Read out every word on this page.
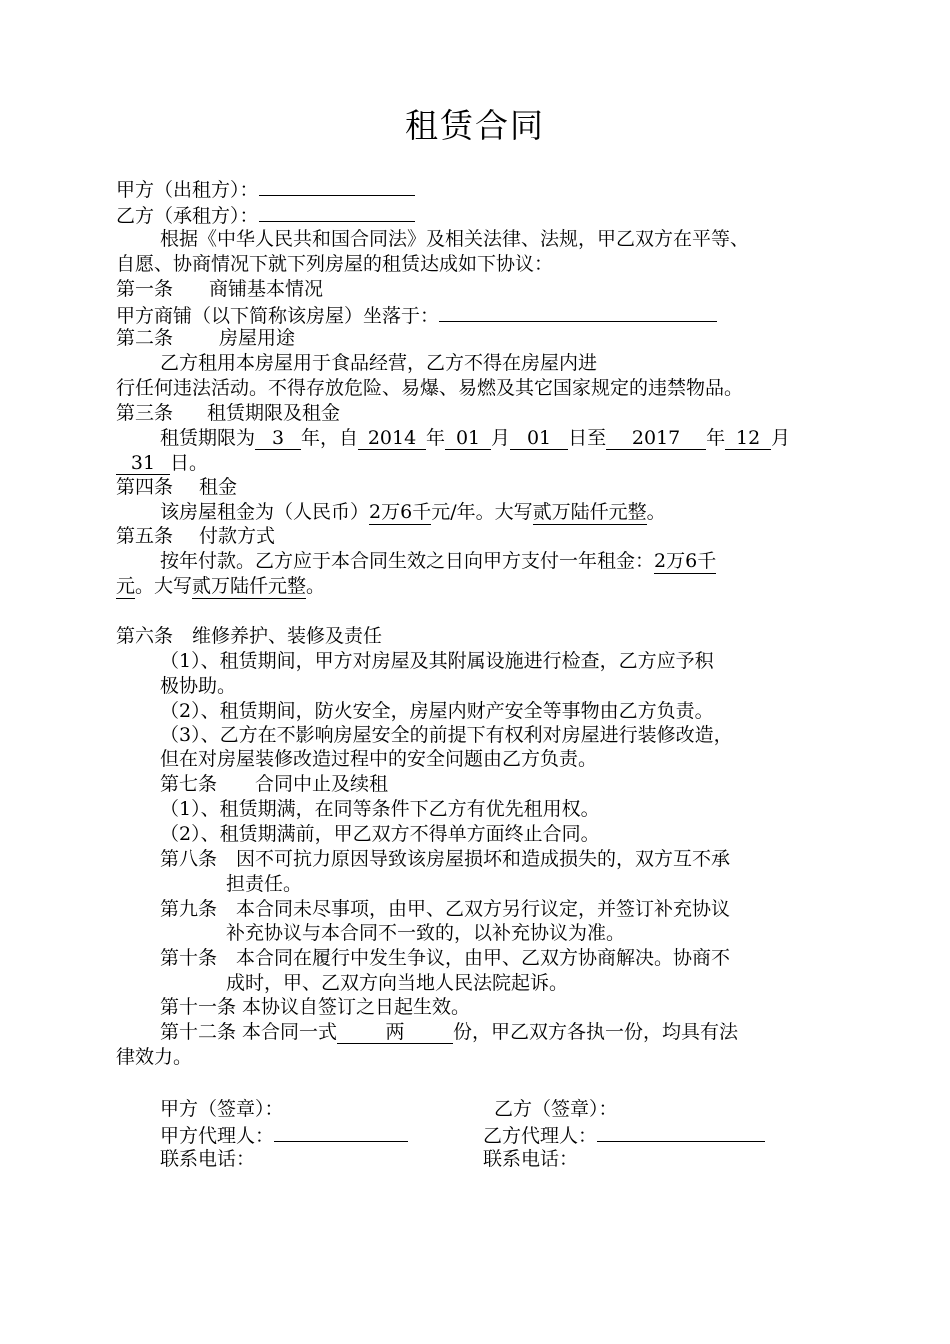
租赁合同
甲方（出租方）：
乙方（承租方）：
根据《中华人民共和国合同法》及相关法律、法规，甲乙双方在平等、
自愿、协商情况下就下列房屋的租赁达成如下协议：
第一条 商铺基本情况
甲方商铺（以下简称该房屋）坐落于：
第二条 房屋用途
乙方租用本房屋用于食品经营，乙方不得在房屋内进
行任何违法活动。不得存放危险、易爆、易燃及其它国家规定的违禁物品。
第三条 租赁期限及租金
租赁期限为 3 年，自 2014 年 01 月 01 日至 2017 年 12 月
31 日。
第四条 租金
该房屋租金为（人民币）2万6千元/年。大写贰万陆仟元整。
第五条 付款方式
按年付款。乙方应于本合同生效之日向甲方支付一年租金：2万6千
元。大写贰万陆仟元整。
第六条　维修养护、装修及责任
（1）、租赁期间，甲方对房屋及其附属设施进行检查，乙方应予积
极协助。
（2）、租赁期间，防火安全，房屋内财产安全等事物由乙方负责。
（3）、乙方在不影响房屋安全的前提下有权利对房屋进行装修改造，
但在对房屋装修改造过程中的安全问题由乙方负责。
第七条 合同中止及续租
（1）、租赁期满，在同等条件下乙方有优先租用权。
（2）、租赁期满前，甲乙双方不得单方面终止合同。
第八条　因不可抗力原因导致该房屋损坏和造成损失的，双方互不承
担责任。
第九条　本合同未尽事项，由甲、乙双方另行议定，并签订补充协议
补充协议与本合同不一致的，以补充协议为准。
第十条　本合同在履行中发生争议，由甲、乙双方协商解决。协商不
成时，甲、乙双方向当地人民法院起诉。
第十一条 本协议自签订之日起生效。
第十二条 本合同一式	两	份，甲乙双方各执一份，均具有法
律效力。
甲方（签章）：	乙方（签章）：
甲方代理人：	乙方代理人：
联系电话：	联系电话：
